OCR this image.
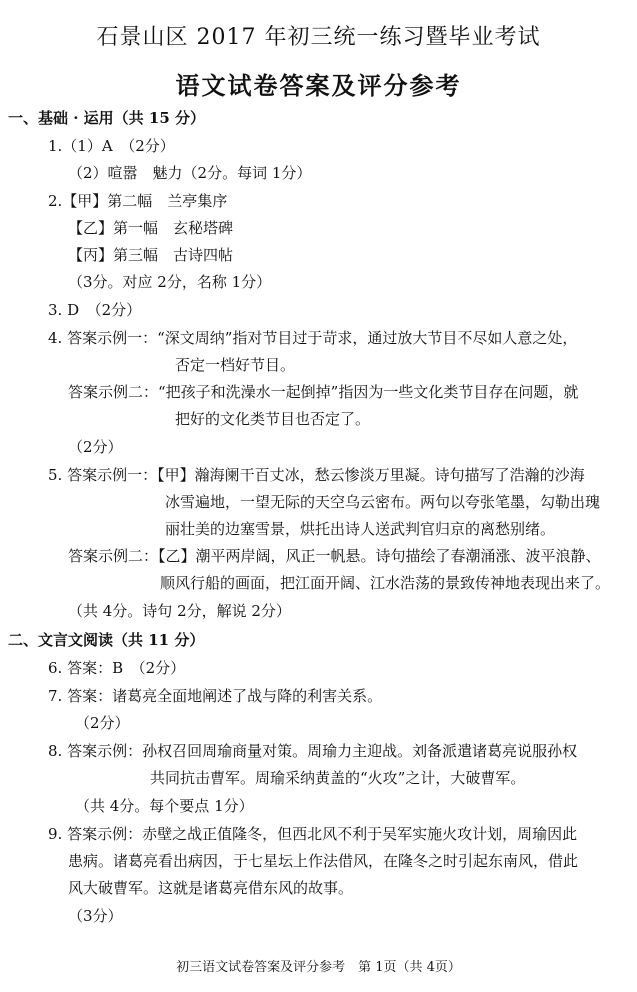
石景山区 2017 年初三统一练习暨毕业考试
语文试卷答案及评分参考
一、基础 · 运用（共 15 分）
1.（1）A　（2分）
（2）喧嚣　魅力（2分。每词 1分）
2.【甲】第二幅　兰亭集序
【乙】第一幅　玄秘塔碑
【丙】第三幅　古诗四帖
（3分。对应 2分，名称 1分）
3. D　（2分）
4. 答案示例一：“深文周纳”指对节目过于苛求，通过放大节目不尽如人意之处，
否定一档好节目。
答案示例二：“把孩子和洗澡水一起倒掉”指因为一些文化类节目存在问题，就
把好的文化类节目也否定了。
（2分）
5. 答案示例一：【甲】瀚海阑干百丈冰，愁云惨淡万里凝。诗句描写了浩瀚的沙海
冰雪遍地，一望无际的天空乌云密布。两句以夸张笔墨，勾勒出瑰
丽壮美的边塞雪景，烘托出诗人送武判官归京的离愁别绪。
答案示例二：【乙】潮平两岸阔，风正一帆悬。诗句描绘了春潮涌涨、波平浪静、
顺风行船的画面，把江面开阔、江水浩荡的景致传神地表现出来了。
（共 4分。诗句 2分，解说 2分）
二、文言文阅读（共 11 分）
6. 答案：B　（2分）
7. 答案：诸葛亮全面地阐述了战与降的利害关系。
（2分）
8. 答案示例：孙权召回周瑜商量对策。周瑜力主迎战。刘备派遣诸葛亮说服孙权
共同抗击曹军。周瑜采纳黄盖的“火攻”之计，大破曹军。
（共 4分。每个要点 1分）
9. 答案示例：赤壁之战正值隆冬，但西北风不利于吴军实施火攻计划，周瑜因此
患病。诸葛亮看出病因，于七星坛上作法借风，在隆冬之时引起东南风，借此
风大破曹军。这就是诸葛亮借东风的故事。
（3分）
初三语文试卷答案及评分参考　第 1页（共 4页）
